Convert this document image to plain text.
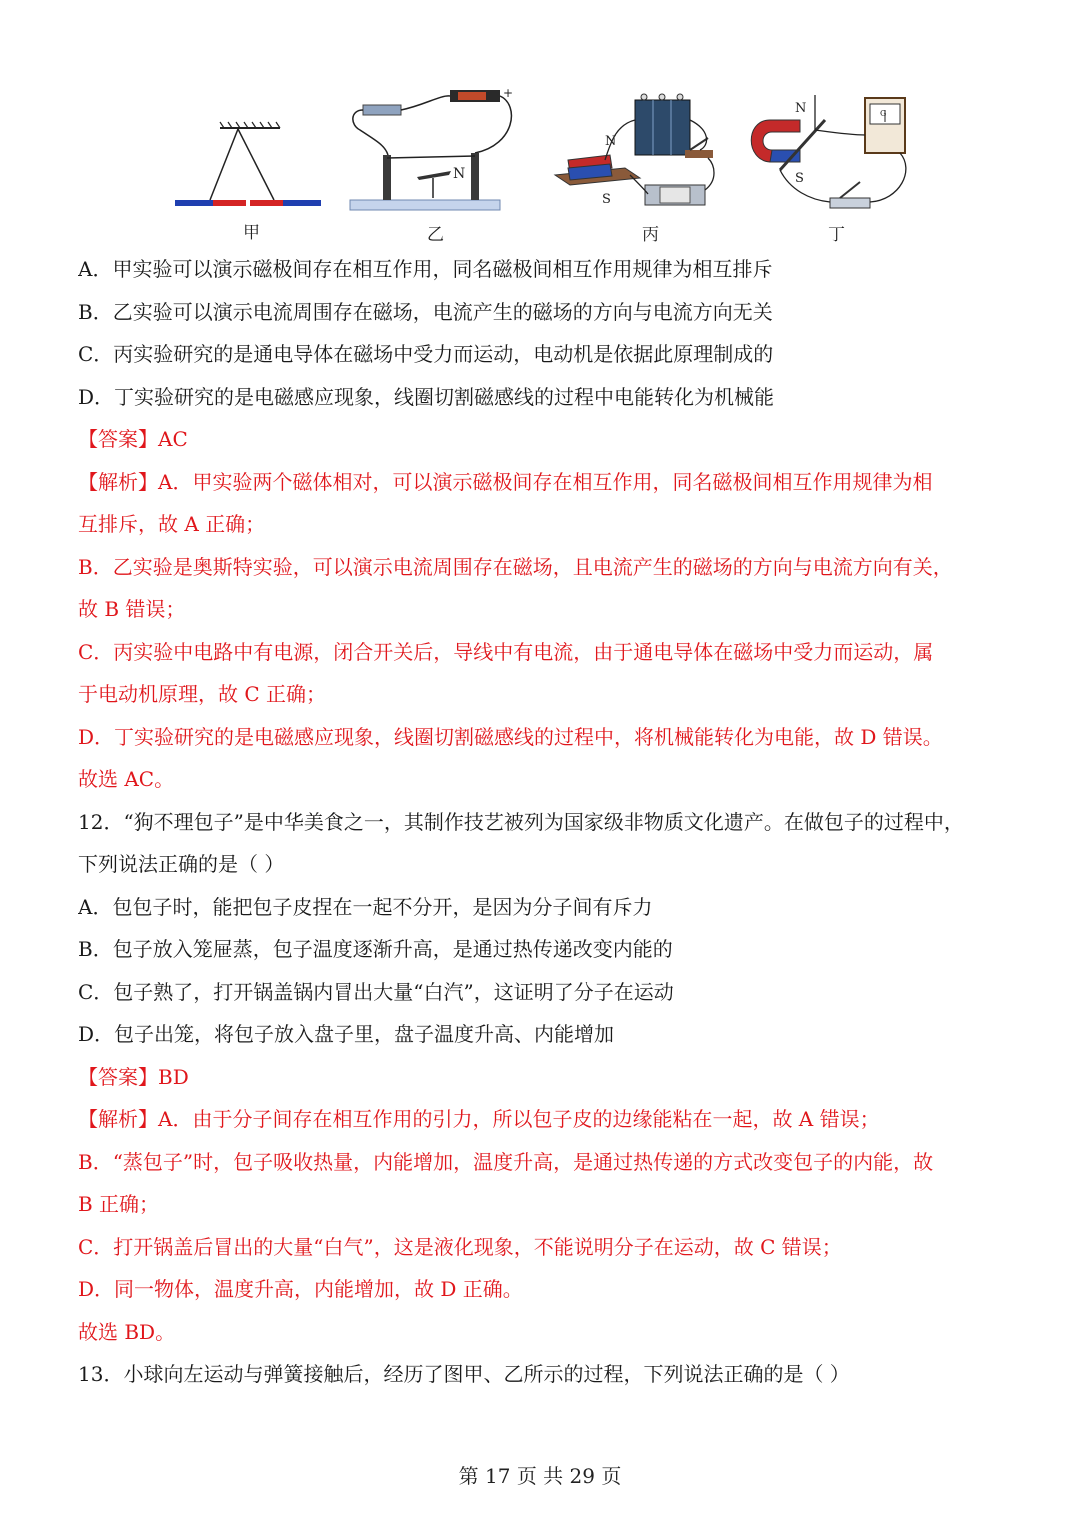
甲
+
N
乙
N
S
丙
N
S
G
丁
A．甲实验可以演示磁极间存在相互作用，同名磁极间相互作用规律为相互排斥
B．乙实验可以演示电流周围存在磁场，电流产生的磁场的方向与电流方向无关
C．丙实验研究的是通电导体在磁场中受力而运动，电动机是依据此原理制成的
D．丁实验研究的是电磁感应现象，线圈切割磁感线的过程中电能转化为机械能
【答案】AC
【解析】A．甲实验两个磁体相对，可以演示磁极间存在相互作用，同名磁极间相互作用规律为相
互排斥，故 A 正确；
B．乙实验是奥斯特实验，可以演示电流周围存在磁场，且电流产生的磁场的方向与电流方向有关，
故 B 错误；
C．丙实验中电路中有电源，闭合开关后，导线中有电流，由于通电导体在磁场中受力而运动，属
于电动机原理，故 C 正确；
D．丁实验研究的是电磁感应现象，线圈切割磁感线的过程中，将机械能转化为电能，故 D 错误。
故选 AC。
12．“狗不理包子”是中华美食之一，其制作技艺被列为国家级非物质文化遗产。在做包子的过程中，
下列说法正确的是（ ）
A．包包子时，能把包子皮捏在一起不分开，是因为分子间有斥力
B．包子放入笼屉蒸，包子温度逐渐升高，是通过热传递改变内能的
C．包子熟了，打开锅盖锅内冒出大量“白汽”，这证明了分子在运动
D．包子出笼，将包子放入盘子里，盘子温度升高、内能增加
【答案】BD
【解析】A．由于分子间存在相互作用的引力，所以包子皮的边缘能粘在一起，故 A 错误；
B．“蒸包子”时，包子吸收热量，内能增加，温度升高，是通过热传递的方式改变包子的内能，故
B 正确；
C．打开锅盖后冒出的大量“白气”，这是液化现象，不能说明分子在运动，故 C 错误；
D．同一物体，温度升高，内能增加，故 D 正确。
故选 BD。
13．小球向左运动与弹簧接触后，经历了图甲、乙所示的过程，下列说法正确的是（ ）
第 17 页 共 29 页
